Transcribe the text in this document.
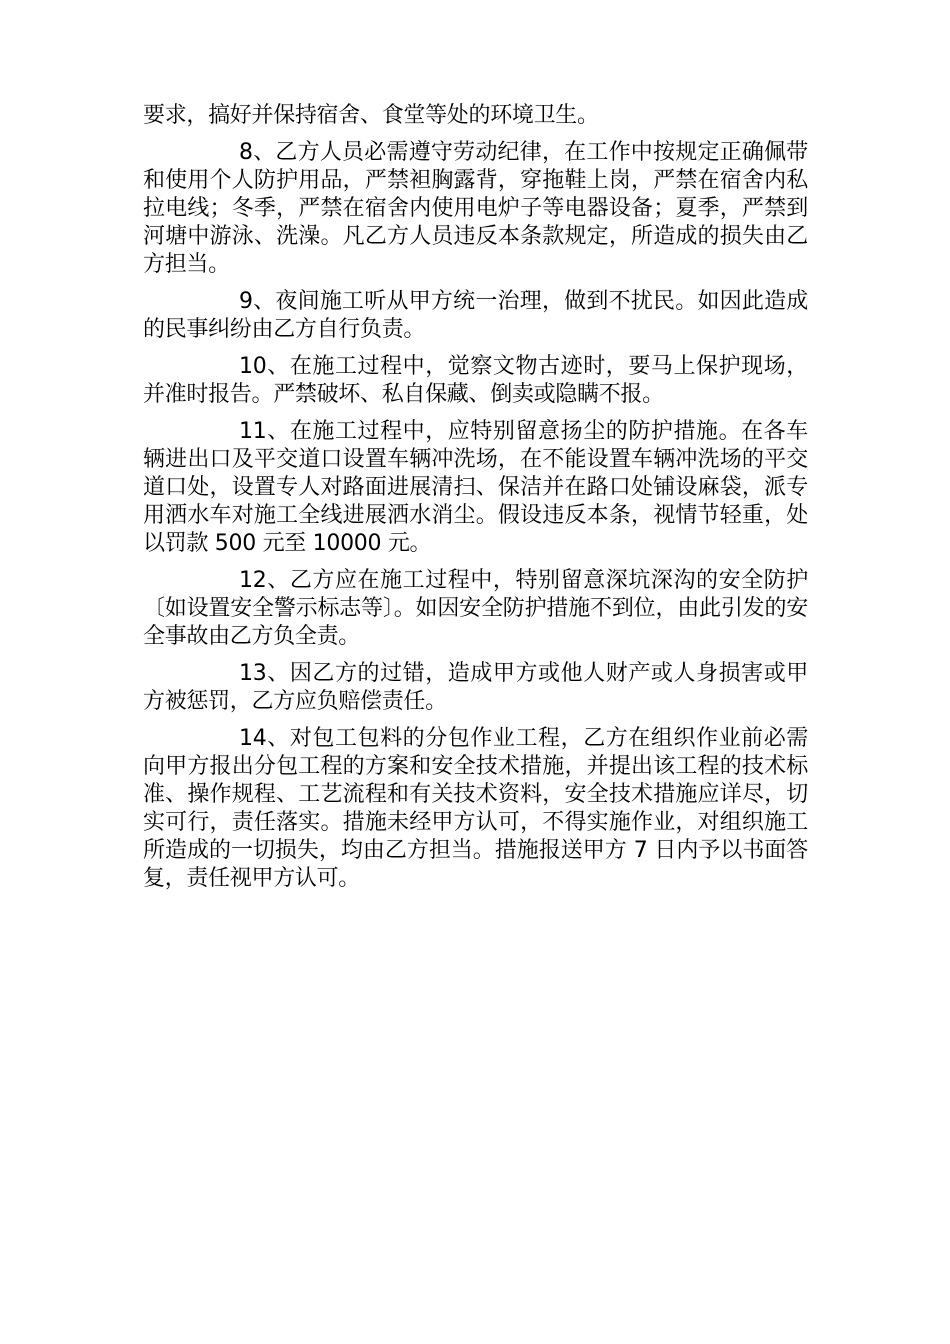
要求，搞好并保持宿舍、食堂等处的环境卫生。

8、乙方人员必需遵守劳动纪律，在工作中按规定正确佩带和使用个人防护用品，严禁袒胸露背，穿拖鞋上岗，严禁在宿舍内私拉电线；冬季，严禁在宿舍内使用电炉子等电器设备；夏季，严禁到河塘中游泳、洗澡。凡乙方人员违反本条款规定，所造成的损失由乙方担当。

9、夜间施工听从甲方统一治理，做到不扰民。如因此造成的民事纠纷由乙方自行负责。

10、在施工过程中，觉察文物古迹时，要马上保护现场，并准时报告。严禁破坏、私自保藏、倒卖或隐瞒不报。

11、在施工过程中，应特别留意扬尘的防护措施。在各车辆进出口及平交道口设置车辆冲洗场，在不能设置车辆冲洗场的平交道口处，设置专人对路面进展清扫、保洁并在路口处铺设麻袋，派专用洒水车对施工全线进展洒水消尘。假设违反本条，视情节轻重，处以罚款 500 元至 10000 元。

12、乙方应在施工过程中，特别留意深坑深沟的安全防护〔如设置安全警示标志等〕。如因安全防护措施不到位，由此引发的安全事故由乙方负全责。

13、因乙方的过错，造成甲方或他人财产或人身损害或甲方被惩罚，乙方应负赔偿责任。

14、对包工包料的分包作业工程，乙方在组织作业前必需向甲方报出分包工程的方案和安全技术措施，并提出该工程的技术标准、操作规程、工艺流程和有关技术资料，安全技术措施应详尽，切实可行，责任落实。措施未经甲方认可，不得实施作业，对组织施工所造成的一切损失，均由乙方担当。措施报送甲方 7 日内予以书面答复，责任视甲方认可。
